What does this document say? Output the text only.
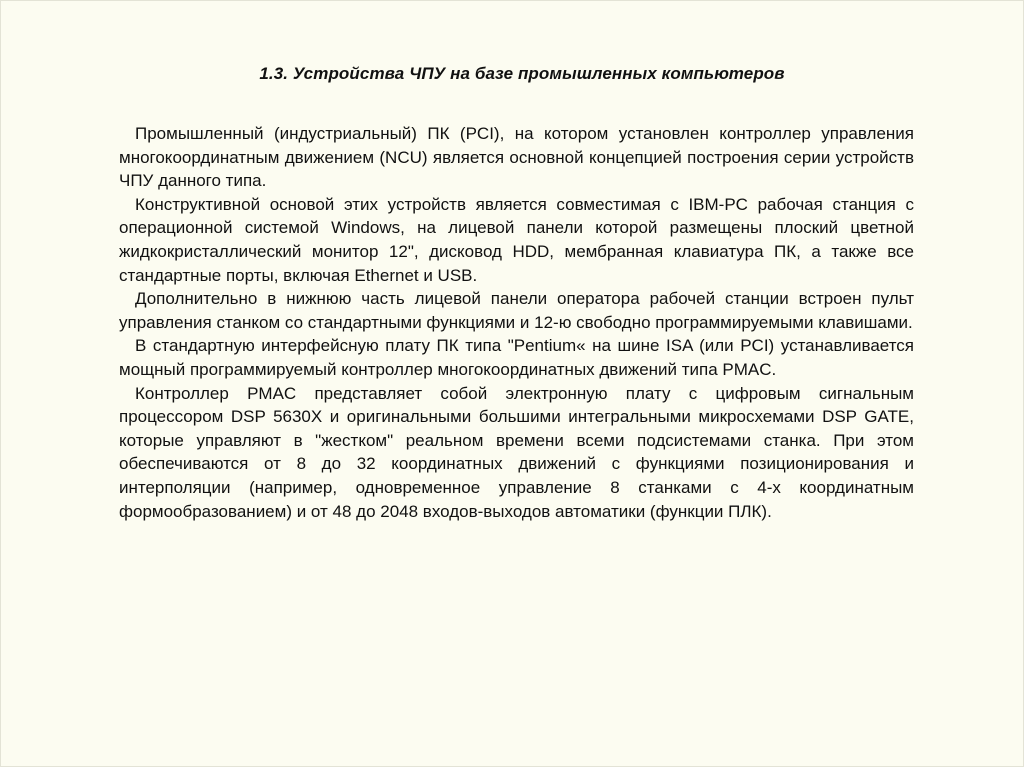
1.3. Устройства ЧПУ на базе промышленных компьютеров

Промышленный (индустриальный) ПК (PCI), на котором установлен контроллер управления многокоординатным движением (NCU) является основной концепцией построения серии устройств ЧПУ данного типа.

Конструктивной основой этих устройств является совместимая с IBM-PC рабочая станция с операционной системой Windows, на лицевой панели которой размещены плоский цветной жидкокристаллический монитор 12", дисковод HDD, мембранная клавиатура ПК, а также все стандартные порты, включая Ethernet и USB.

Дополнительно в нижнюю часть лицевой панели оператора рабочей станции встроен пульт управления станком со стандартными функциями и 12-ю свободно программируемыми клавишами.

В стандартную интерфейсную плату ПК типа "Pentium« на шине ISA (или PCI) устанавливается мощный программируемый контроллер многокоординатных движений типа PMAC.

Контроллер PMAC представляет собой электронную плату с цифровым сигнальным процессором DSP 5630X и оригинальными большими интегральными микросхемами DSP GATE, которые управляют в "жестком" реальном времени всеми подсистемами станка. При этом обеспечиваются от 8 до 32 координатных движений с функциями позиционирования и интерполяции (например, одновременное управление 8 станками с 4-х координатным формообразованием) и от 48 до 2048 входов-выходов автоматики (функции ПЛК).
